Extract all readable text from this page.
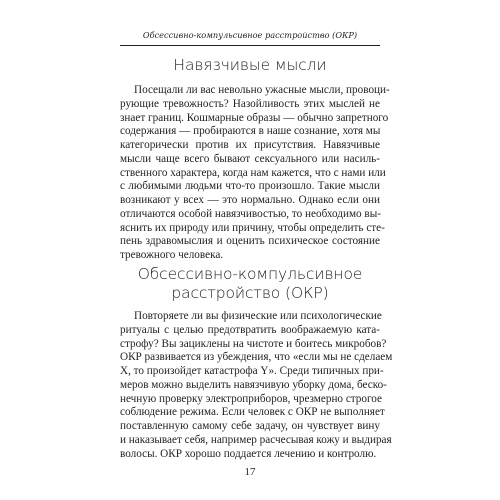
Обсессивно-компульсивное расстройство (ОКР)
Навязчивые мысли
Посещали ли вас невольно ужасные мысли, провоци-
рующие тревожность? Назойливость этих мыслей не
знает границ. Кошмарные образы — обычно запретного
содержания — пробираются в наше сознание, хотя мы
категорически против их присутствия. Навязчивые
мысли чаще всего бывают сексуального или насиль-
ственного характера, когда нам кажется, что с нами или
с любимыми людьми что-то произошло. Такие мысли
возникают у всех — это нормально. Однако если они
отличаются особой навязчивостью, то необходимо вы-
яснить их природу или причину, чтобы определить сте-
пень здравомыслия и оценить психическое состояние
тревожного человека.
Обсессивно-компульсивное
расстройство (ОКР)
Повторяете ли вы физические или психологические
ритуалы с целью предотвратить воображаемую ката-
строфу? Вы зациклены на чистоте и боитесь микробов?
ОКР развивается из убеждения, что «если мы не сделаем
X, то произойдет катастрофа Y». Среди типичных при-
меров можно выделить навязчивую уборку дома, беско-
нечную проверку электроприборов, чрезмерно строгое
соблюдение режима. Если человек с ОКР не выполняет
поставленную самому себе задачу, он чувствует вину
и наказывает себя, например расчесывая кожу и выдирая
волосы. ОКР хорошо поддается лечению и контролю.
17
